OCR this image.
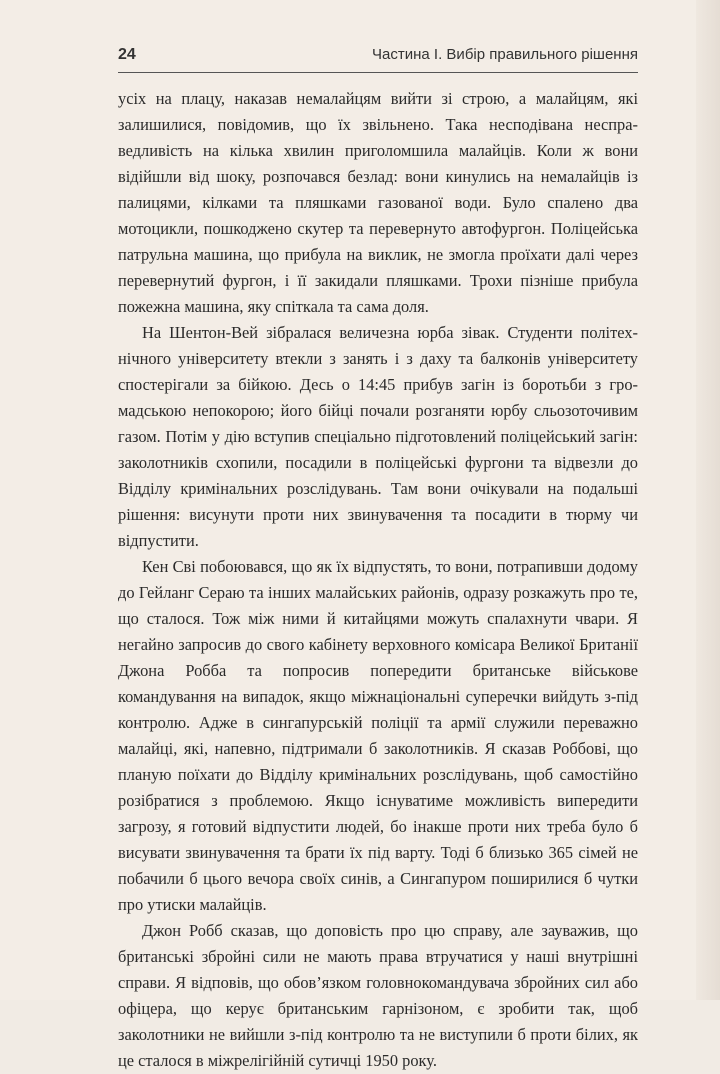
24	Частина I. Вибір правильного рішення

усіх на плацу, наказав немалайцям вийти зі строю, а малайцям, які залишилися, повідомив, що їх звільнено. Така несподівана несправедливість на кілька хвилин приголомшила малайців. Коли ж вони відійшли від шоку, розпочався безлад: вони кинулись на немалайців із палицями, кілками та пляшками газованої води. Було спалено два мотоцикли, пошкоджено скутер та перевернуто автофургон. Поліцейська патрульна машина, що прибула на виклик, не змогла проїхати далі через перевернутий фургон, і її закидали пляшками. Трохи пізніше прибула пожежна машина, яку спіткала та сама доля.

На Шентон-Вей зібралася величезна юрба зівак. Студенти політехнічного університету втекли з занять і з даху та балконів університету спостерігали за бійкою. Десь о 14:45 прибув загін із боротьби з громадською непокорою; його бійці почали розганяти юрбу сльозоточивим газом. Потім у дію вступив спеціально підготовлений поліцейський загін: заколотників схопили, посадили в поліцейські фургони та відвезли до Відділу кримінальних розслідувань. Там вони очікували на подальші рішення: висунути проти них звинувачення та посадити в тюрму чи відпустити.

Кен Сві побоювався, що як їх відпустять, то вони, потрапивши додому до Гейланг Сераю та інших малайських районів, одразу розкажуть про те, що сталося. Тож між ними й китайцями можуть спалахнути чвари. Я негайно запросив до свого кабінету верховного комісара Великої Британії Джона Робба та попросив попередити британське військове командування на випадок, якщо міжнаціональні суперечки вийдуть з-під контролю. Адже в сингапурській поліції та армії служили переважно малайці, які, напевно, підтримали б заколотників. Я сказав Роббові, що планую поїхати до Відділу кримінальних розслідувань, щоб самостійно розібратися з проблемою. Якщо існуватиме можливість випередити загрозу, я готовий відпустити людей, бо інакше проти них треба було б висувати звинувачення та брати їх під варту. Тоді б близько 365 сімей не побачили б цього вечора своїх синів, а Сингапуром поширилися б чутки про утиски малайців.

Джон Робб сказав, що доповість про цю справу, але зауважив, що британські збройні сили не мають права втручатися у наші внутрішні справи. Я відповів, що обов’язком головнокомандувача збройних сил або офіцера, що керує британським гарнізоном, є зробити так, щоб заколотники не вийшли з-під контролю та не виступили б проти білих, як це сталося в міжрелігійній сутичці 1950 року.
